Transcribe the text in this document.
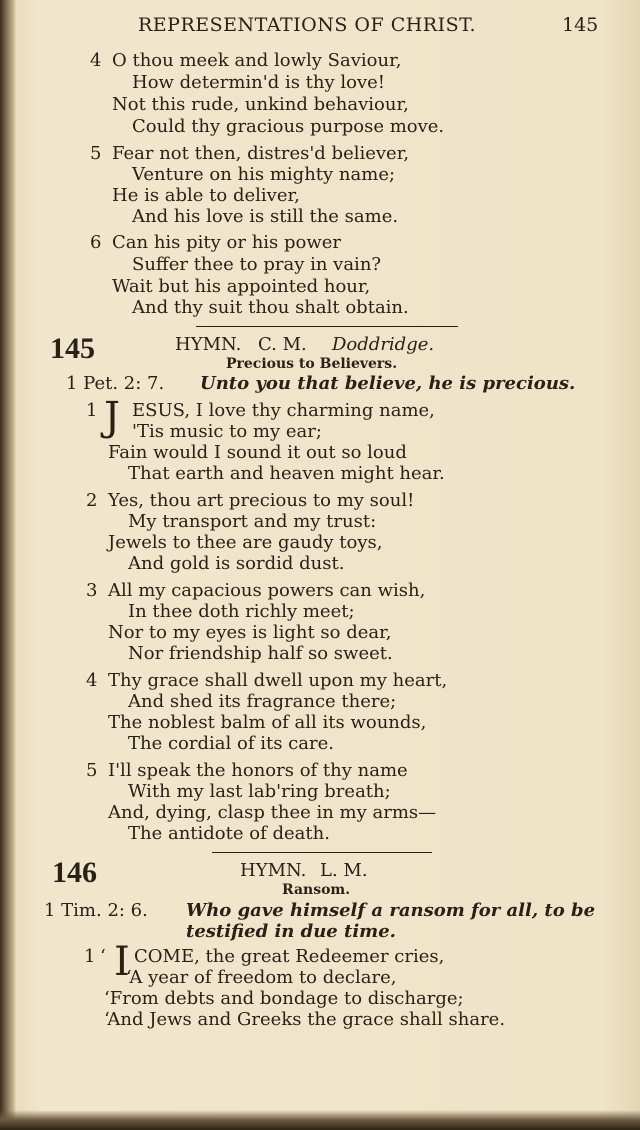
REPRESENTATIONS OF CHRIST.	145
4 O thou meek and lowly Saviour,
How determin'd is thy love!
Not this rude, unkind behaviour,
Could thy gracious purpose move.
5 Fear not then, distres'd believer,
Venture on his mighty name;
He is able to deliver,
And his love is still the same.
6 Can his pity or his power
Suffer thee to pray in vain?
Wait but his appointed hour,
And thy suit thou shalt obtain.
145	HYMN. C. M. Doddridge.
Precious to Believers.
1 Pet. 2: 7. Unto you that believe, he is precious.
1 J ESUS, I love thy charming name,
'Tis music to my ear;
Fain would I sound it out so loud
That earth and heaven might hear.
2 Yes, thou art precious to my soul!
My transport and my trust:
Jewels to thee are gaudy toys,
And gold is sordid dust.
3 All my capacious powers can wish,
In thee doth richly meet;
Nor to my eyes is light so dear,
Nor friendship half so sweet.
4 Thy grace shall dwell upon my heart,
And shed its fragrance there;
The noblest balm of all its wounds,
The cordial of its care.
5 I'll speak the honors of thy name
With my last lab'ring breath;
And, dying, clasp thee in my arms—
The antidote of death.
146	HYMN. L. M.
Ransom.
1 Tim. 2: 6. Who gave himself a ransom for all, to be
testified in due time.
1 ‘ I COME, the great Redeemer cries,
‘A year of freedom to declare,
‘From debts and bondage to discharge;
‘And Jews and Greeks the grace shall share.
